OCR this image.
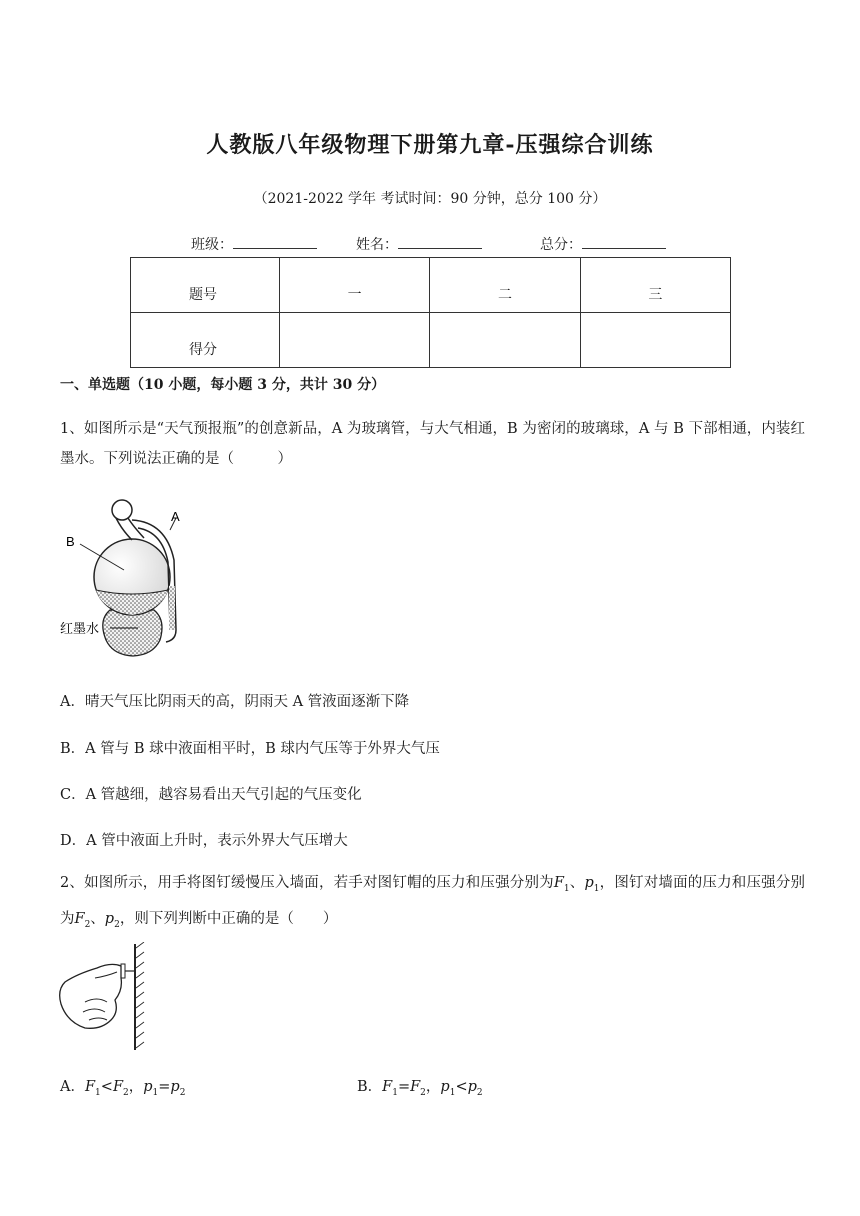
人教版八年级物理下册第九章-压强综合训练
（2021-2022 学年 考试时间：90 分钟，总分 100 分）
班级：	姓名：	总分：
题号	一	二	三
得分			
一、单选题（10 小题，每小题 3 分，共计 30 分）
1、如图所示是“天气预报瓶”的创意新品，A 为玻璃管，与大气相通，B 为密闭的玻璃球，A 与 B 下部相通，内装红墨水。下列说法正确的是（　　　）
A
B
红墨水
A．晴天气压比阴雨天的高，阴雨天 A 管液面逐渐下降
B．A 管与 B 球中液面相平时，B 球内气压等于外界大气压
C．A 管越细，越容易看出天气引起的气压变化
D．A 管中液面上升时，表示外界大气压增大
2、如图所示，用手将图钉缓慢压入墙面，若手对图钉帽的压力和压强分别为$F_1$、$p_1$，图钉对墙面的压力和压强分别为$F_2$、$p_2$，则下列判断中正确的是（　　）
A．$F_1<F_2$，$p_1=p_2$	B．$F_1=F_2$，$p_1<p_2$
